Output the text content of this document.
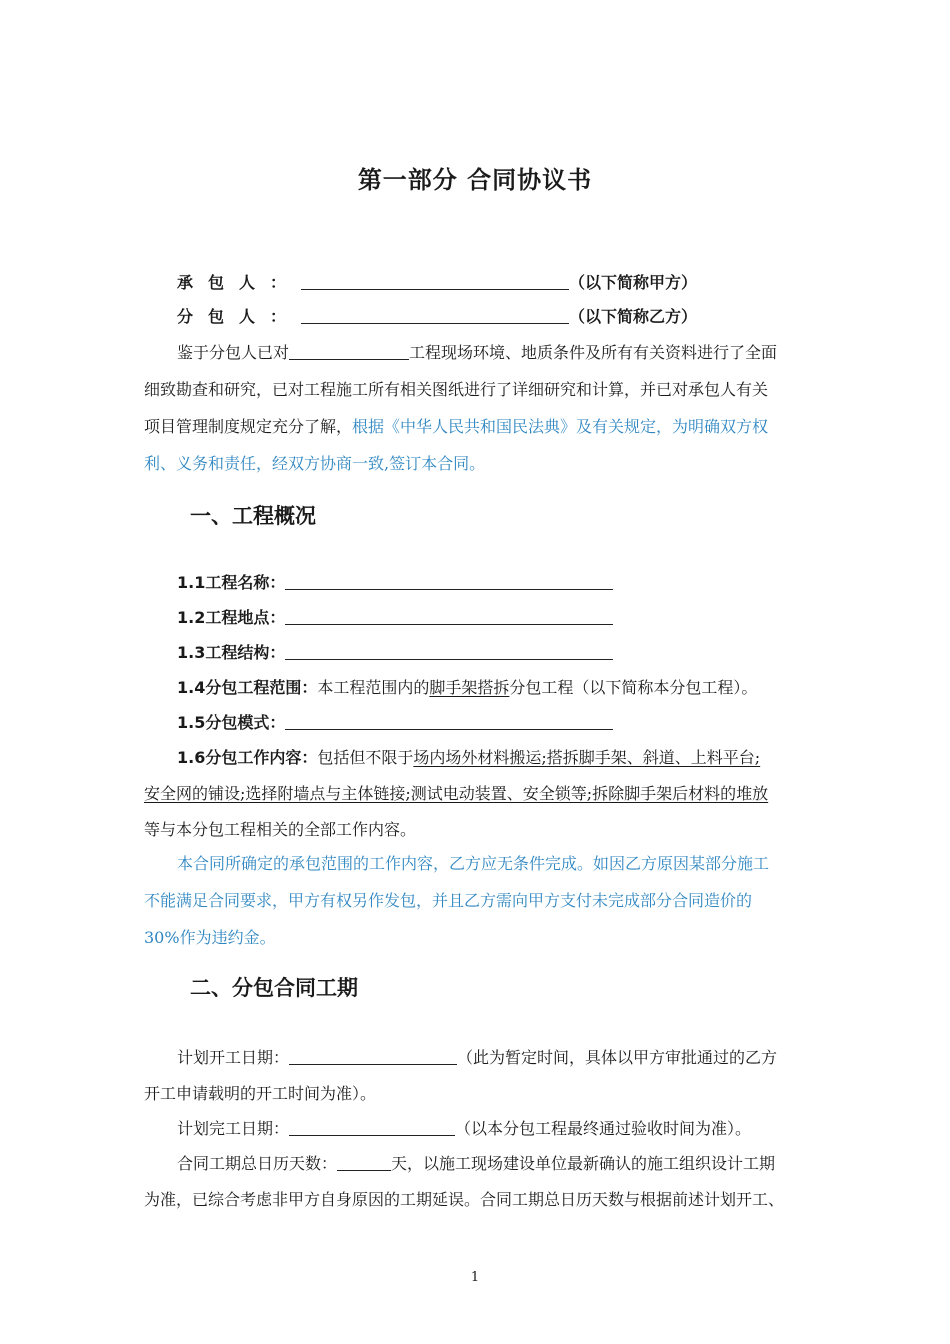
第一部分 合同协议书
承包人：	（以下简称甲方）
分包人：	（以下简称乙方）
鉴于分包人已对	工程现场环境、地质条件及所有有关资料进行了全面
细致勘查和研究，已对工程施工所有相关图纸进行了详细研究和计算，并已对承包人有关
项目管理制度规定充分了解，根据《中华人民共和国民法典》及有关规定，为明确双方权
利、义务和责任，经双方协商一致,签订本合同。
一、工程概况
1.1工程名称：
1.2工程地点：
1.3工程结构：
1.4分包工程范围：本工程范围内的脚手架搭拆分包工程（以下简称本分包工程）。
1.5分包模式：
1.6分包工作内容：包括但不限于场内场外材料搬运;搭拆脚手架、斜道、上料平台;
安全网的铺设;选择附墙点与主体链接;测试电动装置、安全锁等;拆除脚手架后材料的堆放
等与本分包工程相关的全部工作内容。
本合同所确定的承包范围的工作内容，乙方应无条件完成。如因乙方原因某部分施工
不能满足合同要求，甲方有权另作发包，并且乙方需向甲方支付未完成部分合同造价的
30%作为违约金。
二、分包合同工期
计划开工日期：	（此为暂定时间，具体以甲方审批通过的乙方
开工申请载明的开工时间为准）。
计划完工日期：	（以本分包工程最终通过验收时间为准）。
合同工期总日历天数：	天，以施工现场建设单位最新确认的施工组织设计工期
为准，已综合考虑非甲方自身原因的工期延误。合同工期总日历天数与根据前述计划开工、
1
